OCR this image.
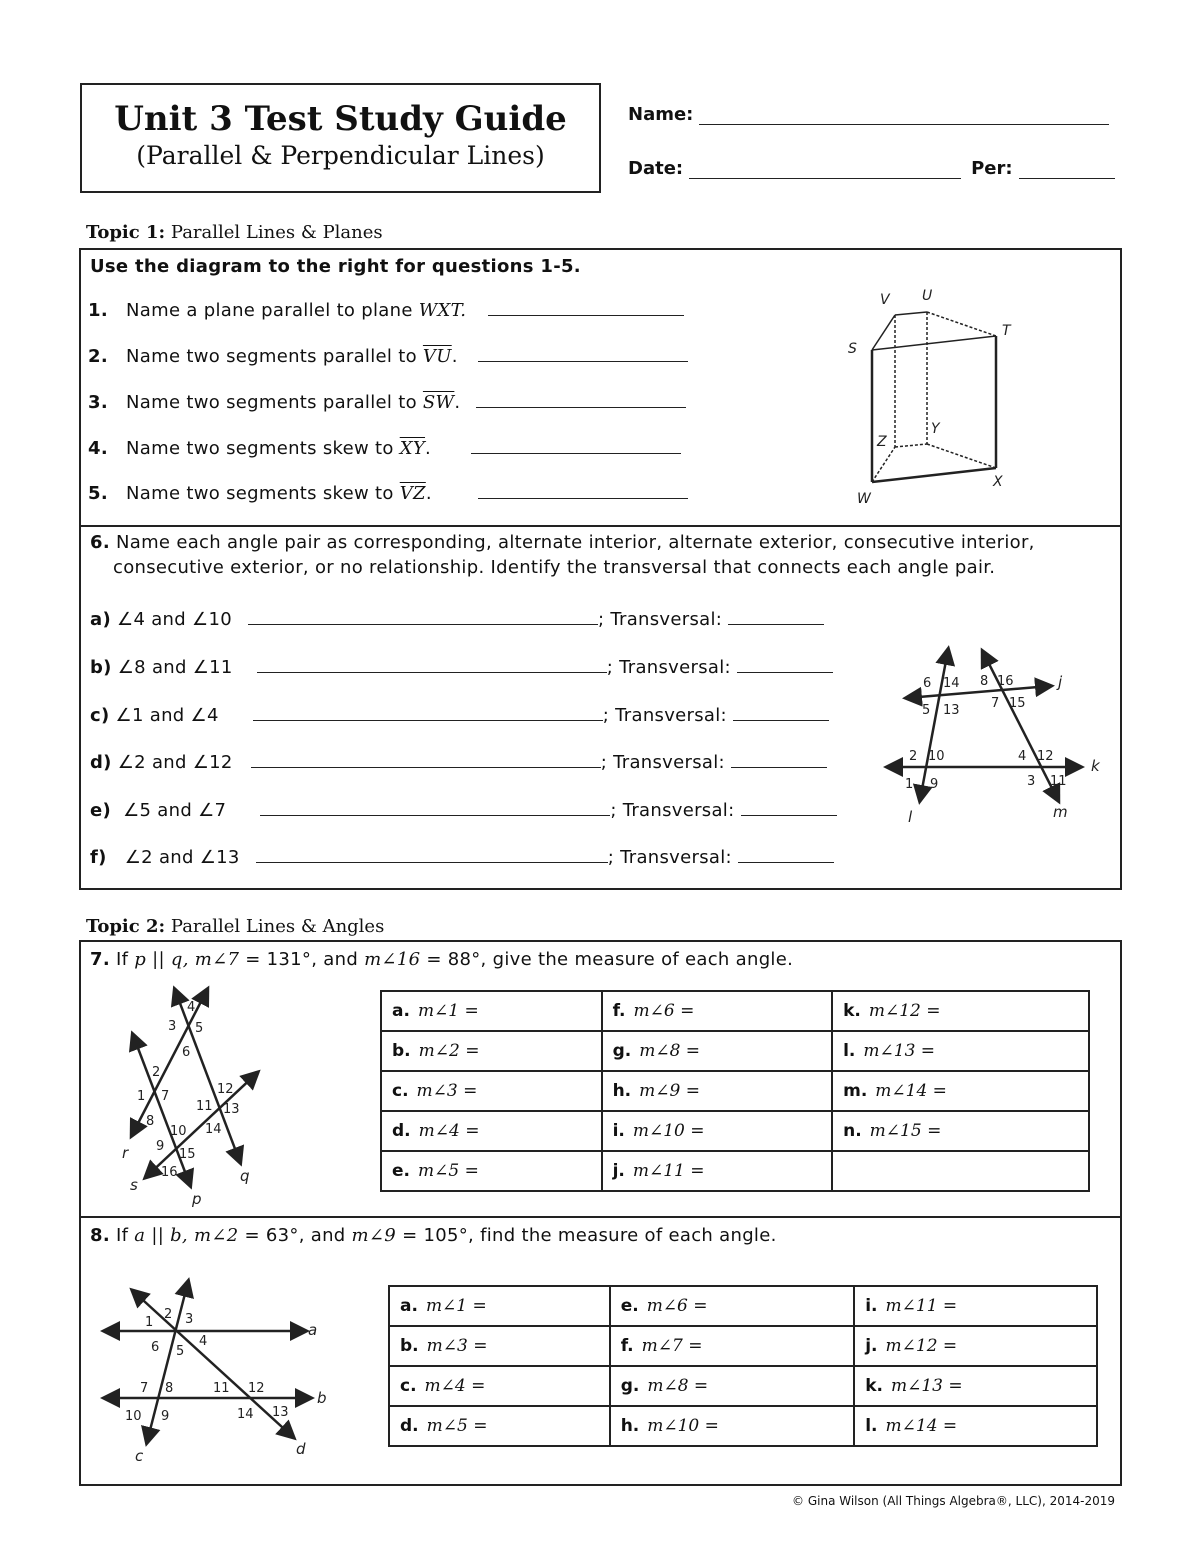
Unit 3 Test Study Guide
(Parallel & Perpendicular Lines)
Name:
Date:	Per:
Topic 1: Parallel Lines & Planes
Use the diagram to the right for questions 1-5.
1. Name a plane parallel to plane WXT.
2. Name two segments parallel to $\overline{VU}$.
3. Name two segments parallel to $\overline{SW}$.
4. Name two segments skew to $\overline{XY}$.
5. Name two segments skew to $\overline{VZ}$.
V U
S
T
Z
Y
W
X
6. Name each angle pair as corresponding, alternate interior, alternate exterior, consecutive interior,
consecutive exterior, or no relationship. Identify the transversal that connects each angle pair.
a) ∠4 and ∠10	; Transversal:
b) ∠8 and ∠11	; Transversal:
c) ∠1 and ∠4	; Transversal:
d) ∠2 and ∠12	; Transversal:
e) ∠5 and ∠7	; Transversal:
f) ∠2 and ∠13	; Transversal:
6 14 8 16
5 13 7 15
2 10	4 12
1 9	3 11
j
k
l	m
Topic 2: Parallel Lines & Angles
7. If p || q, m∠7 = 131°, and m∠16 = 88°, give the measure of each angle.
4
3 5
6
2
1 7
8
12
11 13
10 14
9
15
16
r
s	q
p
a. m∠1 =	f. m∠6 =	k. m∠12 =
b. m∠2 =	g. m∠8 =	l. m∠13 =
c. m∠3 =	h. m∠9 =	m. m∠14 =
d. m∠4 =	i. m∠10 =	n. m∠15 =
e. m∠5 =	j. m∠11 =	
8. If a || b, m∠2 = 63°, and m∠9 = 105°, find the measure of each angle.
2 3
1
4
6 5
7 8	11 12
10 9	14 13
a
b
c	d
a. m∠1 =	e. m∠6 =	i. m∠11 =
b. m∠3 =	f. m∠7 =	j. m∠12 =
c. m∠4 =	g. m∠8 =	k. m∠13 =
d. m∠5 =	h. m∠10 =	l. m∠14 =
© Gina Wilson (All Things Algebra®, LLC), 2014-2019
